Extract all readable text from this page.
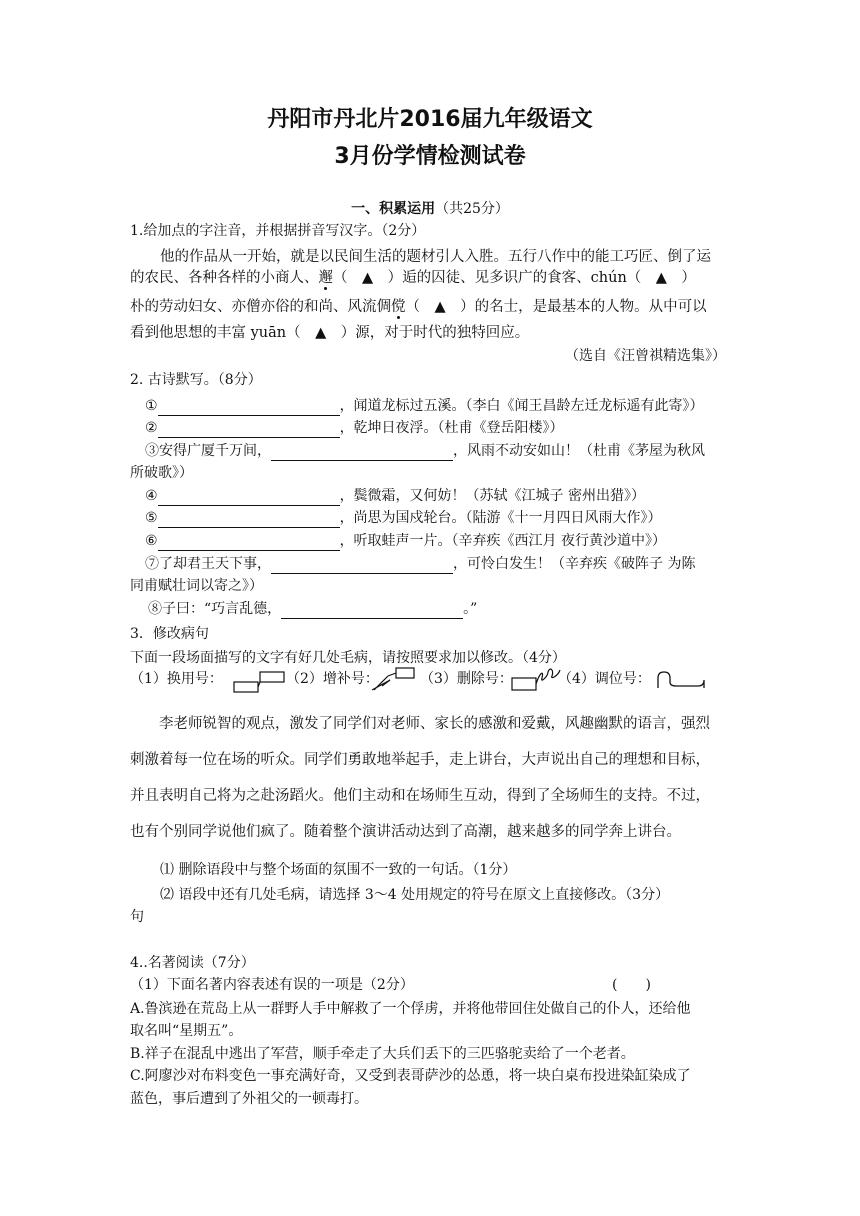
丹阳市丹北片2016届九年级语文
3月份学情检测试卷
一、积累运用（共25分）
1.给加点的字注音，并根据拼音写汉字。（2分）
他的作品从一开始，就是以民间生活的题材引人入胜。五行八作中的能工巧匠、倒了运
的农民、各种各样的小商人、邂（　▲　）逅的囚徒、见多识广的食客、chún（　▲　）
朴的劳动妇女、亦僧亦俗的和尚、风流倜傥（　▲　）的名士，是最基本的人物。从中可以
看到他思想的丰富 yuān（　▲　）源，对于时代的独特回应。
（选自《汪曾祺精选集》）
2. 古诗默写。（8分）
①	，闻道龙标过五溪。（李白《闻王昌龄左迁龙标遥有此寄》）
②	，乾坤日夜浮。（杜甫《登岳阳楼》）
③安得广厦千万间，	，风雨不动安如山！（杜甫《茅屋为秋风
所破歌》）
④	，鬓微霜，又何妨！（苏轼《江城子 密州出猎》）
⑤	，尚思为国戍轮台。（陆游《十一月四日风雨大作》）
⑥	，听取蛙声一片。（辛弃疾《西江月 夜行黄沙道中》）
⑦了却君王天下事，	，可怜白发生！（辛弃疾《破阵子 为陈
同甫赋壮词以寄之》）
⑧子曰：“巧言乱德，	。”
3．修改病句
下面一段场面描写的文字有好几处毛病，请按照要求加以修改。（4分）
（1）换用号：	（2）增补号：	（3）删除号：	（4）调位号：

李老师锐智的观点，激发了同学们对老师、家长的感激和爱戴，风趣幽默的语言，强烈

刺激着每一位在场的听众。同学们勇敢地举起手，走上讲台，大声说出自己的理想和目标，

并且表明自己将为之赴汤蹈火。他们主动和在场师生互动，得到了全场师生的支持。不过，

也有个别同学说他们疯了。随着整个演讲活动达到了高潮，越来越多的同学奔上讲台。

⑴ 删除语段中与整个场面的氛围不一致的一句话。（1分）
⑵ 语段中还有几处毛病，请选择 3～4 处用规定的符号在原文上直接修改。（3分）
句
4..名著阅读（7分）
（1）下面名著内容表述有误的一项是（2分）	(　　)
A.鲁滨逊在荒岛上从一群野人手中解救了一个俘虏，并将他带回住处做自己的仆人，还给他
取名叫“星期五”。
B.祥子在混乱中逃出了军营，顺手牵走了大兵们丢下的三匹骆驼卖给了一个老者。
C.阿廖沙对布料变色一事充满好奇，又受到表哥萨沙的怂恿，将一块白桌布投进染缸染成了
蓝色，事后遭到了外祖父的一顿毒打。
